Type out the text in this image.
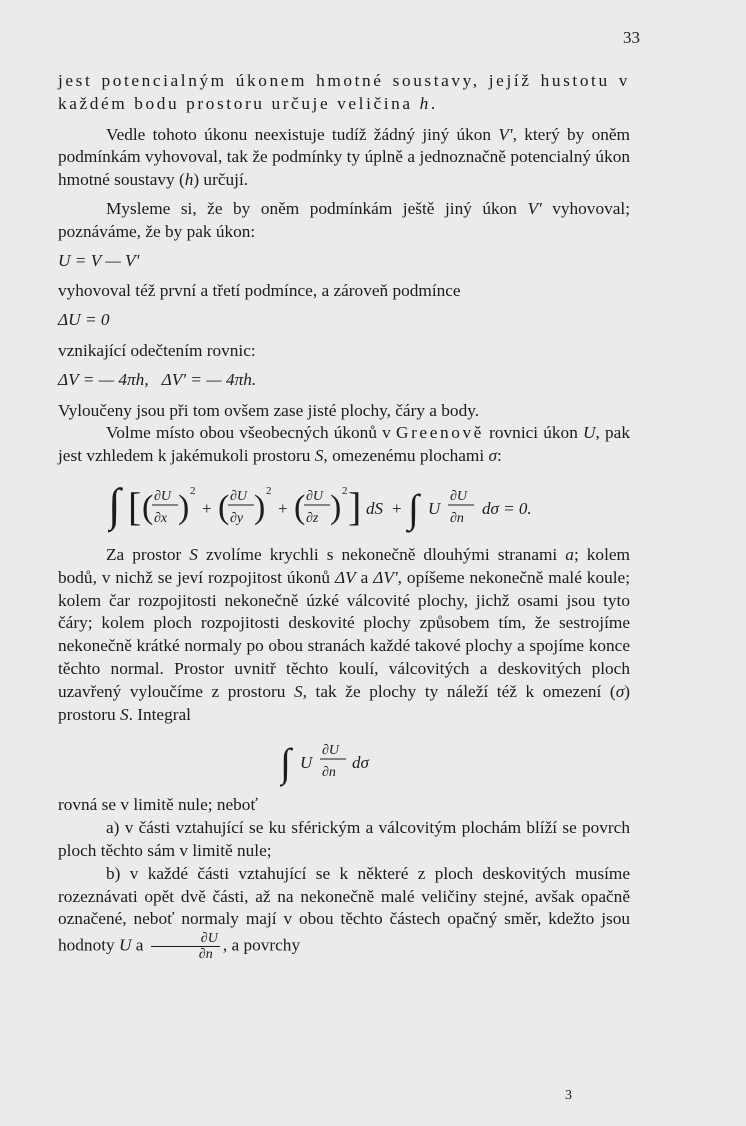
33

jest potencialným úkonem hmotné soustavy, jejíž hustotu v každém bodu prostoru určuje veličina h.

Vedle tohoto úkonu neexistuje tudíž žádný jiný úkon V', který by oněm podmínkám vyhovoval, tak že podmínky ty úplně a jednoznačně potencialný úkon hmotné soustavy (h) určují.

Mysleme si, že by oněm podmínkám ještě jiný úkon V' vyhovoval; poznáváme, že by pak úkon:

U = V — V'

vyhovoval též první a třetí podmínce, a zároveň podmínce

ΔU = 0

vznikající odečtením rovnic:

ΔV = — 4πh,   ΔV' = — 4πh.

Vyloučeny jsou při tom ovšem zase jisté plochy, čáry a body.

Volme místo obou všeobecných úkonů v Greenově rovnici úkon U, pak jest vzhledem k jakémukoli prostoru S, omezenému plochami σ:

∫ [ ( ∂U
∂x ) 2
+ ( ∂U
∂y ) 2
+ ( ∂U
∂z ) 2 ] dS + ∫ U
∂U
∂n
dσ = 0.

Za prostor S zvolíme krychli s nekonečně dlouhými stranami a; kolem bodů, v nichž se jeví rozpojitost úkonů ΔV a ΔV', opíšeme nekonečně malé koule; kolem čar rozpojitosti nekonečně úzké válcovité plochy, jichž osami jsou tyto čáry; kolem ploch rozpojitosti deskovité plochy způsobem tím, že sestrojíme nekonečně krátké normaly po obou stranách každé takové plochy a spojíme konce těchto normal. Prostor uvnitř těchto koulí, válcovitých a deskovitých ploch uzavřený vyloučíme z prostoru S, tak že plochy ty náleží též k omezení (σ) prostoru S. Integral

∫ U
∂U
∂n
dσ

rovná se v limitě nule; neboť

a) v části vztahující se ku sférickým a válcovitým plochám blíží se povrch ploch těchto sám v limitě nule;

b) v každé části vztahující se k některé z ploch deskovitých musíme rozeznávati opět dvě části, až na nekonečně malé veličiny stejné, avšak opačně označené, neboť normaly mají v obou těchto částech opačný směr, kdežto jsou hodnoty U a $\frac{\partial U}{\partial n}$ , a povrchy

3
